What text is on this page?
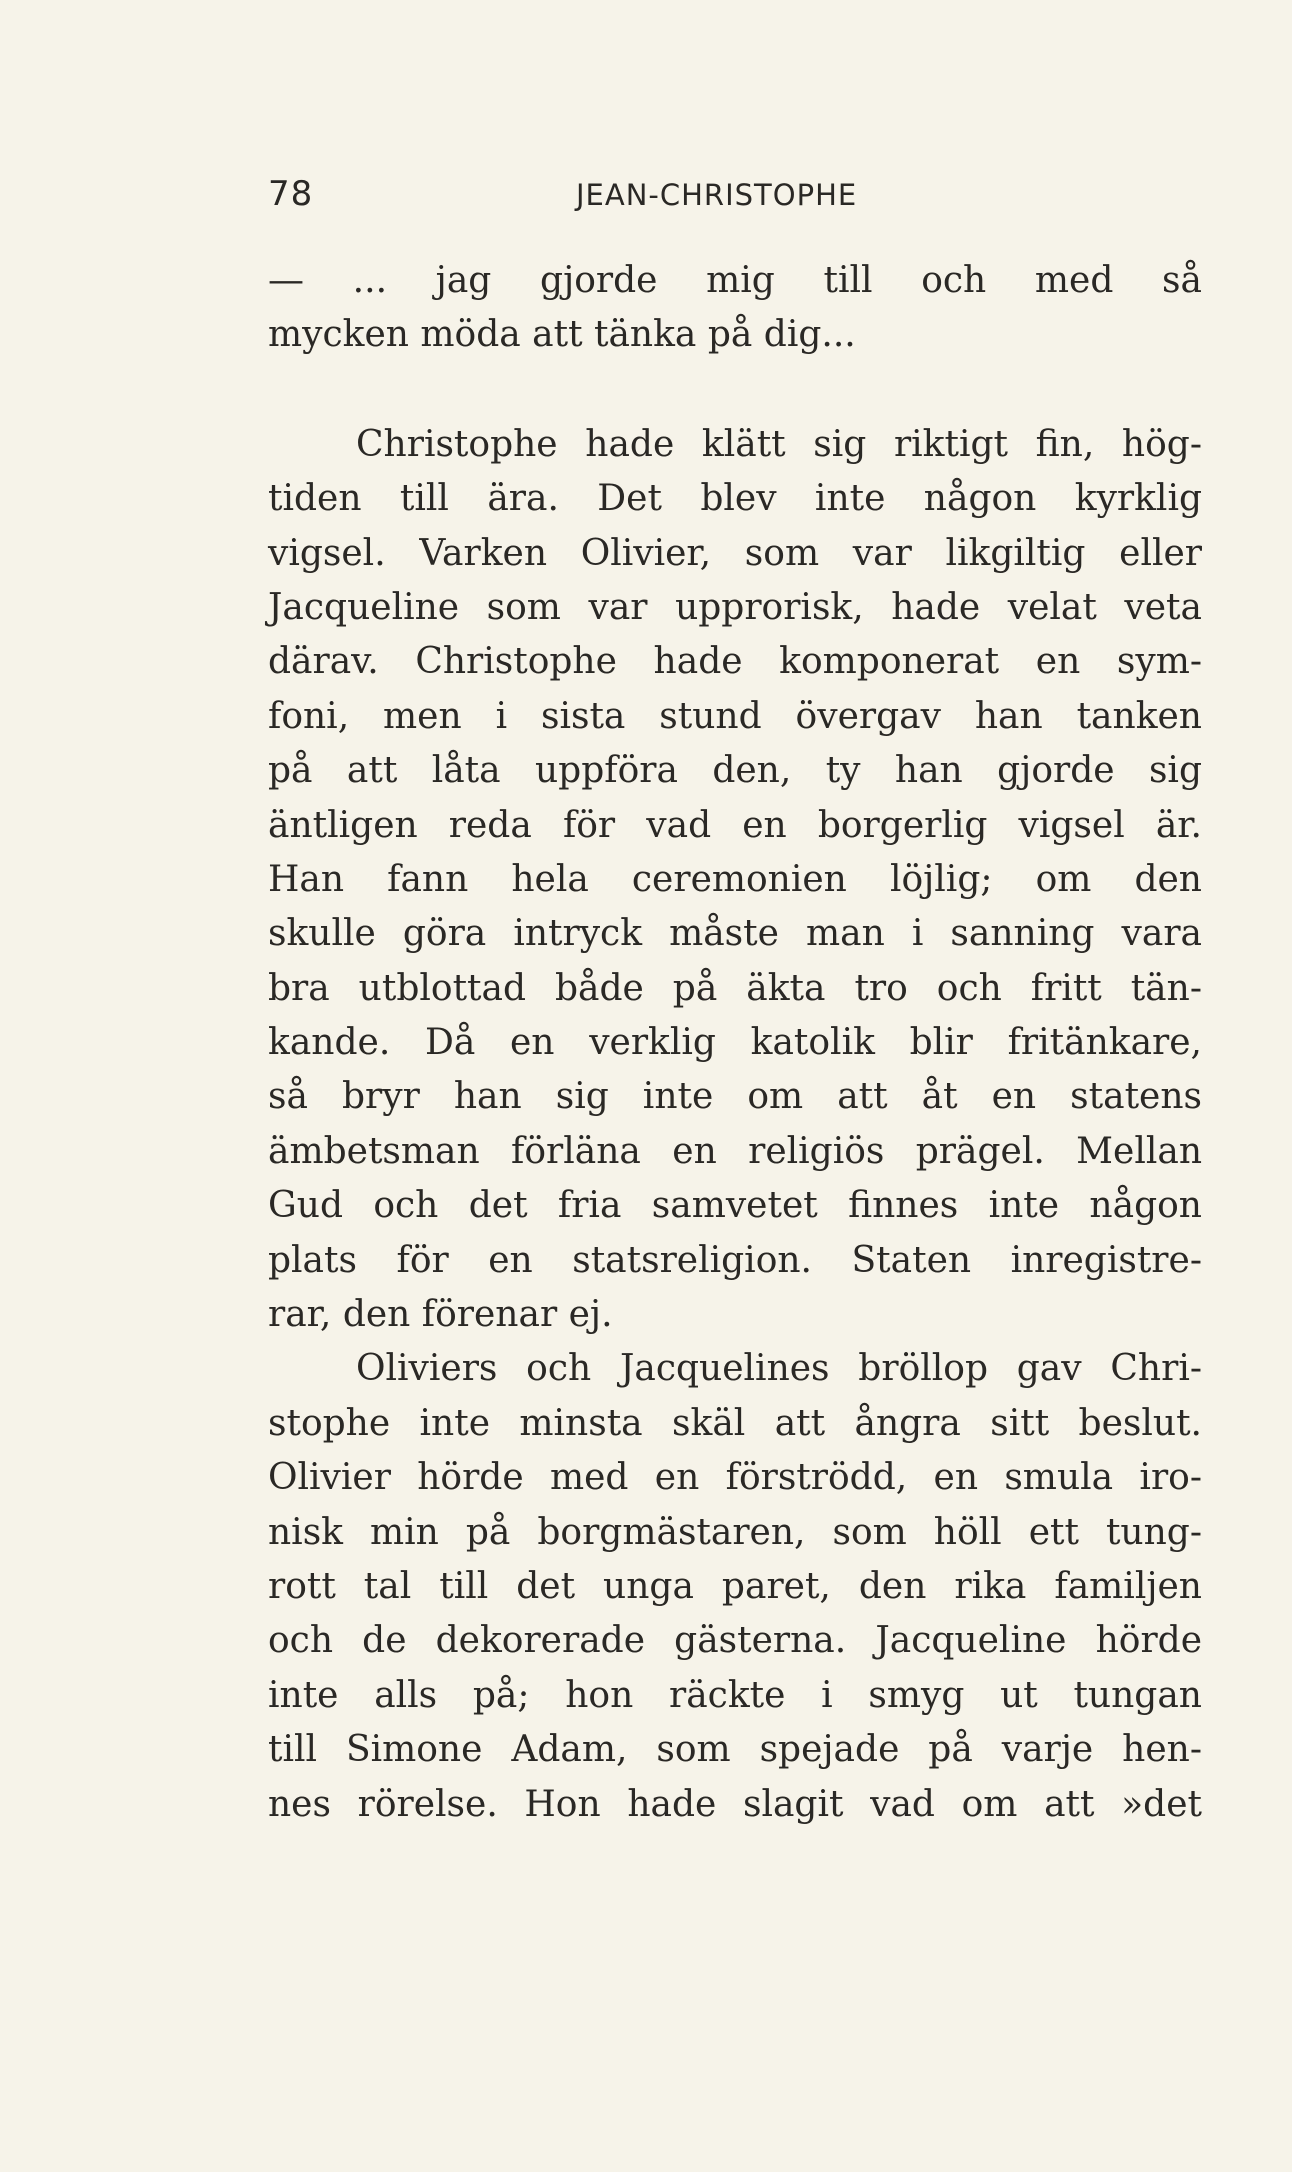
78	JEAN-CHRISTOPHE
— ... jag gjorde mig till och med så
mycken möda att tänka på dig...
Christophe hade klätt sig riktigt fin, hög-
tiden till ära. Det blev inte någon kyrklig
vigsel. Varken Olivier, som var likgiltig eller
Jacqueline som var upprorisk, hade velat veta
därav. Christophe hade komponerat en sym-
foni, men i sista stund övergav han tanken
på att låta uppföra den, ty han gjorde sig
äntligen reda för vad en borgerlig vigsel är.
Han fann hela ceremonien löjlig; om den
skulle göra intryck måste man i sanning vara
bra utblottad både på äkta tro och fritt tän-
kande. Då en verklig katolik blir fritänkare,
så bryr han sig inte om att åt en statens
ämbetsman förläna en religiös prägel. Mellan
Gud och det fria samvetet finnes inte någon
plats för en statsreligion. Staten inregistre-
rar, den förenar ej.
Oliviers och Jacquelines bröllop gav Chri-
stophe inte minsta skäl att ångra sitt beslut.
Olivier hörde med en förströdd, en smula iro-
nisk min på borgmästaren, som höll ett tung-
rott tal till det unga paret, den rika familjen
och de dekorerade gästerna. Jacqueline hörde
inte alls på; hon räckte i smyg ut tungan
till Simone Adam, som spejade på varje hen-
nes rörelse. Hon hade slagit vad om att »det
